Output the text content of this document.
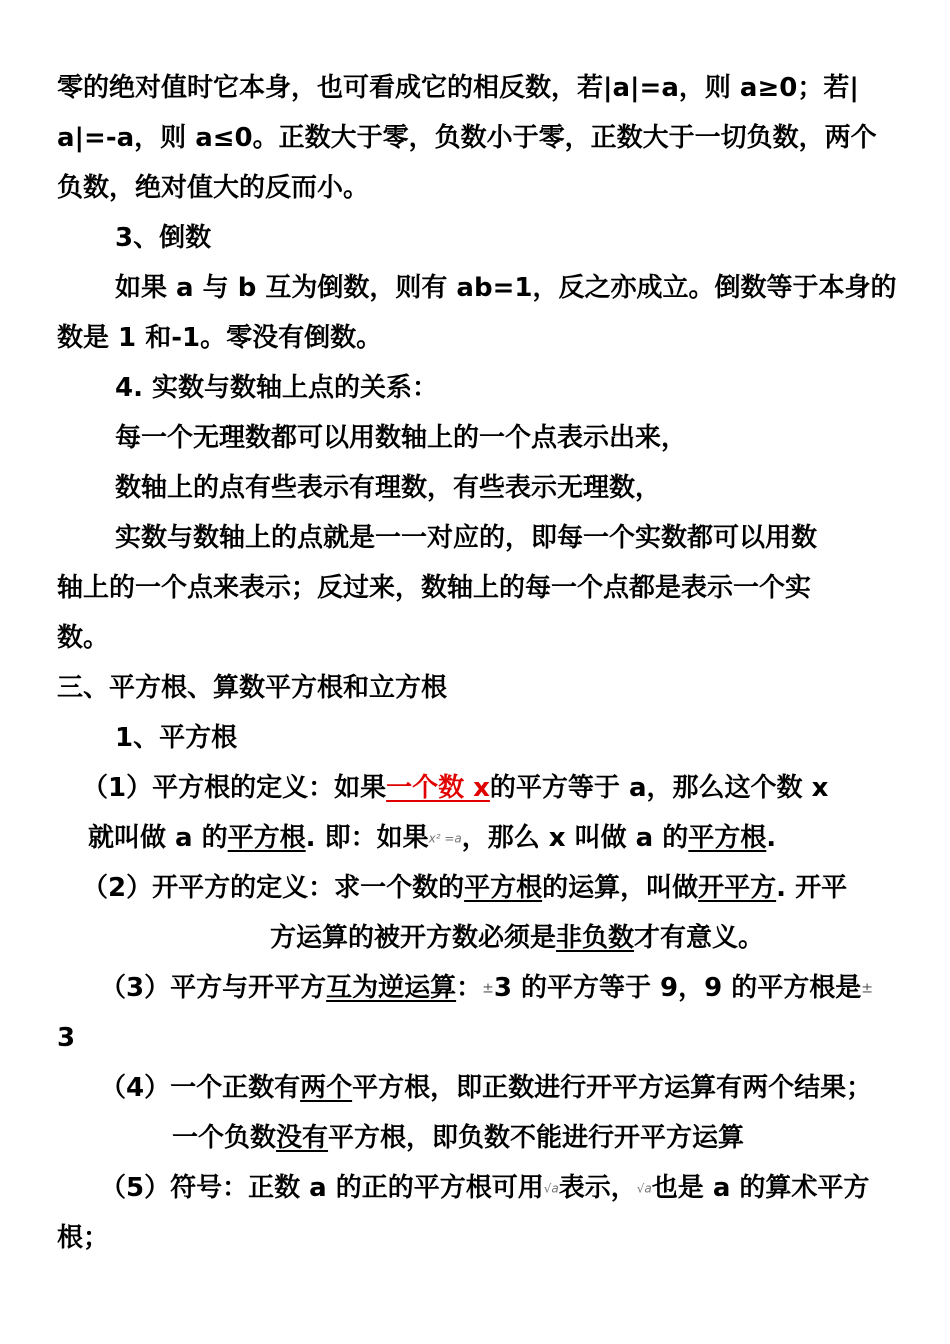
零的绝对值时它本身，也可看成它的相反数，若|a|=a，则 a≥0；若|
a|=-a，则 a≤0。正数大于零，负数小于零，正数大于一切负数，两个
负数，绝对值大的反而小。
3、倒数
如果 a 与 b 互为倒数，则有 ab=1，反之亦成立。倒数等于本身的
数是 1 和-1。零没有倒数。
4. 实数与数轴上点的关系：
每一个无理数都可以用数轴上的一个点表示出来，
数轴上的点有些表示有理数，有些表示无理数，
实数与数轴上的点就是一一对应的，即每一个实数都可以用数
轴上的一个点来表示；反过来，数轴上的每一个点都是表示一个实
数。
三、平方根、算数平方根和立方根
1、平方根
（1）平方根的定义：如果一个数 x的平方等于 a，那么这个数 x
就叫做 a 的平方根. 即：如果x² =a，那么 x 叫做 a 的平方根.
（2）开平方的定义：求一个数的平方根的运算，叫做开平方. 开平
方运算的被开方数必须是非负数才有意义。
（3）平方与开平方互为逆运算：±3 的平方等于 9，9 的平方根是±
3
（4）一个正数有两个平方根，即正数进行开平方运算有两个结果；
一个负数没有平方根，即负数不能进行开平方运算
（5）符号：正数 a 的正的平方根可用√a表示，√a也是 a 的算术平方
根；
